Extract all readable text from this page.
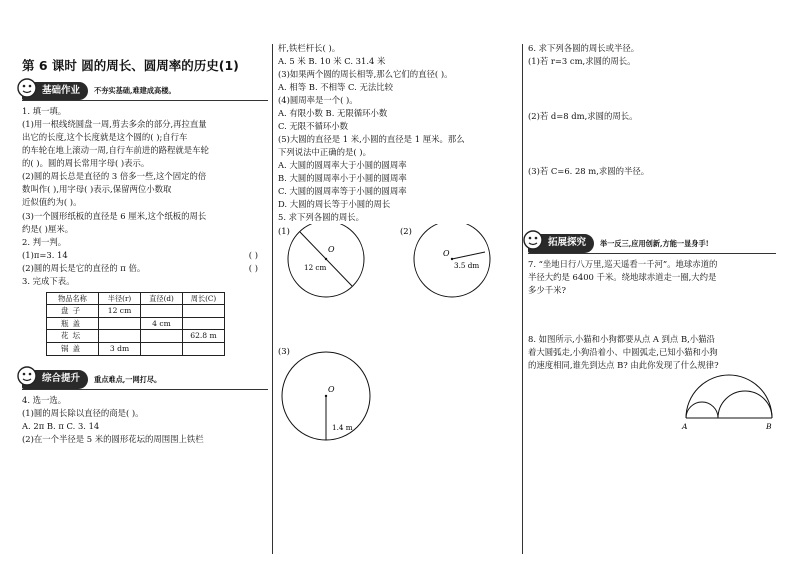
第 6 课时 圆的周长、圆周率的历史(1)
基础作业	不夯实基础,难建成高楼。

1. 填一填。

(1)用一根线绕圆盘一周,剪去多余的部分,再拉直量

出它的长度,这个长度就是这个圆的( );自行车

的车轮在地上滚动一周,自行车前进的路程就是车轮

的( )。圆的周长常用字母( )表示。

(2)圆的周长总是直径的 3 倍多一些,这个固定的倍

数叫作( ),用字母( )表示,保留两位小数取

近似值约为( )。

(3)一个圆形纸板的直径是 6 厘米,这个纸板的周长

约是( )厘米。

2. 判一判。

(1)π=3. 14	( )

(2)圆的周长是它的直径的 π 倍。	( )

3. 完成下表。

物品名称	半径(r)	直径(d)	周长(C)
盘子	12 cm		
瓶盖		4 cm	
花坛			62.8 m
锅盖	3 dm		
综合提升	重点难点,一网打尽。

4. 选一选。

(1)圆的周长除以直径的商是( )。

A. 2π B. π C. 3. 14

(2)在一个半径是 5 米的圆形花坛的周围围上铁栏

杆,铁栏杆长( )。

A. 5 米 B. 10 米 C. 31.4 米

(3)如果两个圆的周长相等,那么它们的直径( )。

A. 相等 B. 不相等 C. 无法比较

(4)圆周率是一个( )。

A. 有限小数 B. 无限循环小数

C. 无限不循环小数

(5)大圆的直径是 1 米,小圆的直径是 1 厘米。那么

下列说法中正确的是( )。

A. 大圆的圆周率大于小圆的圆周率

B. 大圆的圆周率小于小圆的圆周率

C. 大圆的圆周率等于小圆的圆周率

D. 大圆的周长等于小圆的周长

5. 求下列各圆的周长。

(1)
O
12 cm
(2)
O
3.5 dm
(3)
O
1.4 m

6. 求下列各圆的周长或半径。

(1)若 r=3 cm,求圆的周长。

(2)若 d=8 dm,求圆的周长。

(3)若 C=6. 28 m,求圆的半径。

拓展探究	举一反三,应用创新,方能一显身手!

7. “坐地日行八万里,巡天遥看一千河”。地球赤道的

半径大约是 6400 千米。绕地球赤道走一圈,大约是

多少千米?

8. 如图所示,小猫和小狗都要从点 A 到点 B,小猫沿

着大圆弧走,小狗沿着小、中圆弧走,已知小猫和小狗

的速度相同,谁先到达点 B? 由此你发现了什么规律?

A	B
